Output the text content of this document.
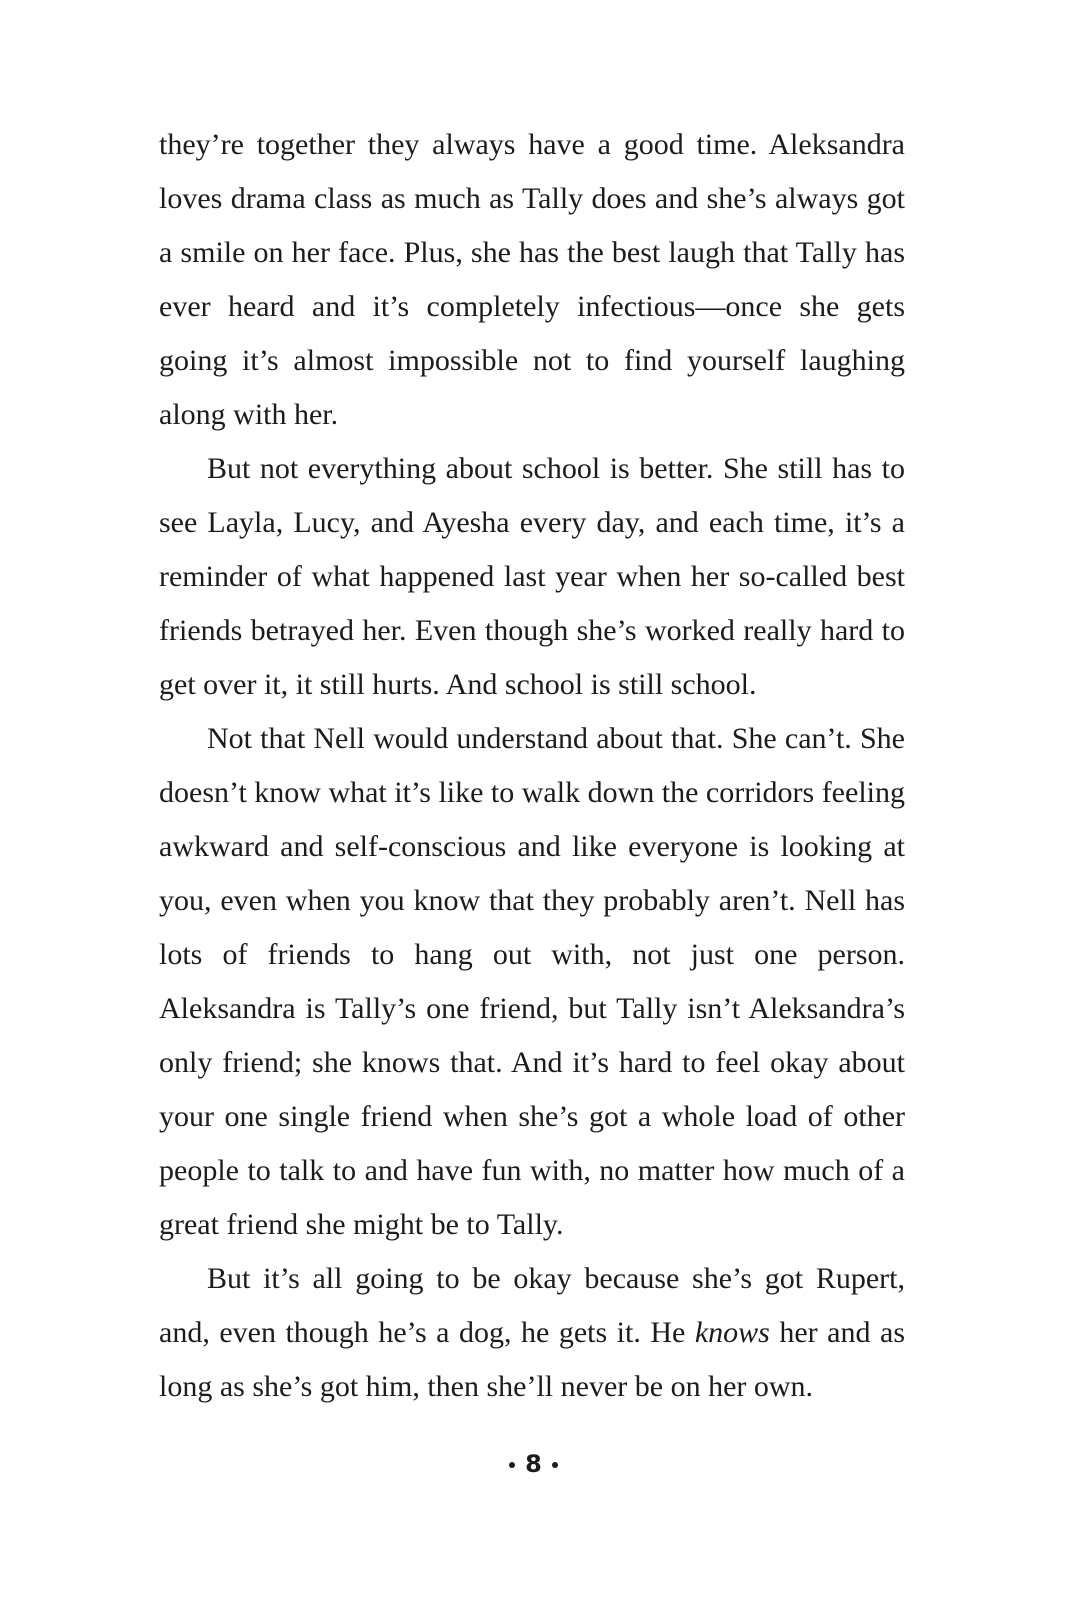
they’re together they always have a good time. Aleksandra loves drama class as much as Tally does and she’s always got a smile on her face. Plus, she has the best laugh that Tally has ever heard and it’s completely infectious—once she gets going it’s almost impossible not to find yourself laughing along with her.

But not everything about school is better. She still has to see Layla, Lucy, and Ayesha every day, and each time, it’s a reminder of what happened last year when her so-called best friends betrayed her. Even though she’s worked really hard to get over it, it still hurts. And school is still school.

Not that Nell would understand about that. She can’t. She doesn’t know what it’s like to walk down the corridors feeling awkward and self-conscious and like everyone is looking at you, even when you know that they probably aren’t. Nell has lots of friends to hang out with, not just one person. Aleksandra is Tally’s one friend, but Tally isn’t Aleksandra’s only friend; she knows that. And it’s hard to feel okay about your one single friend when she’s got a whole load of other people to talk to and have fun with, no matter how much of a great friend she might be to Tally.

But it’s all going to be okay because she’s got Rupert, and, even though he’s a dog, he gets it. He knows her and as long as she’s got him, then she’ll never be on her own.

8
